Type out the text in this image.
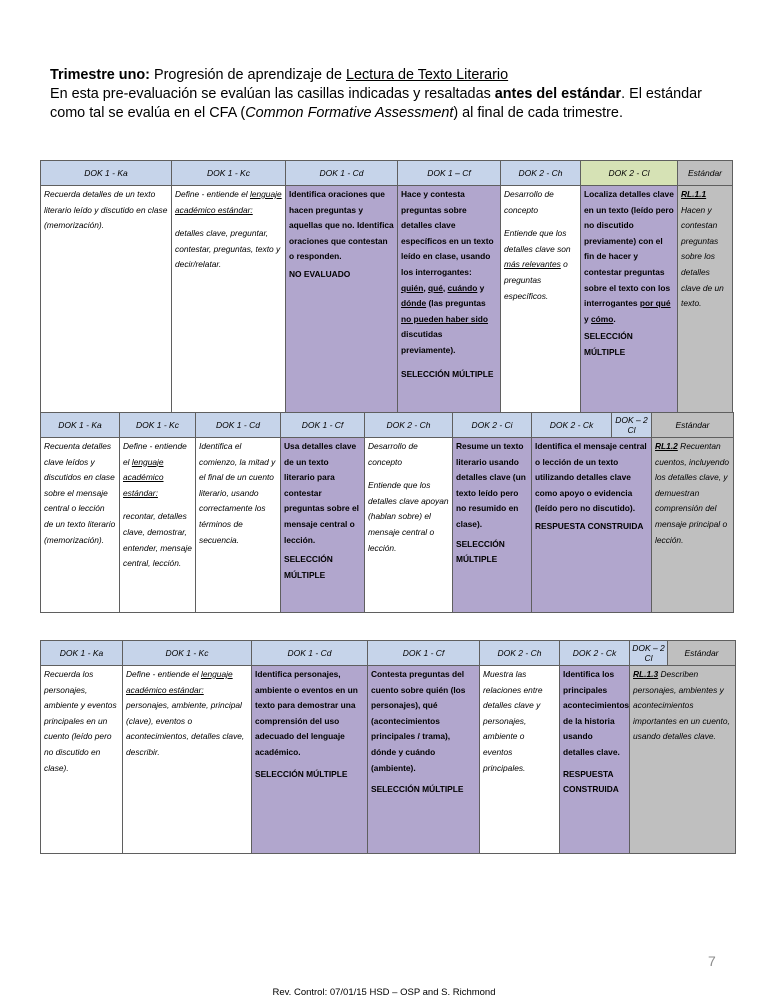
Trimestre uno: Progresión de aprendizaje de Lectura de Texto Literario

En esta pre-evaluación se evalúan las casillas indicadas y resaltadas antes del estándar. El estándar

como tal se evalúa en el CFA (Common Formative Assessment) al final de cada trimestre.

DOK 1 - Ka	DOK 1 - Kc	DOK 1 - Cd	DOK 1 – Cf	DOK 2 - Ch	DOK 2 - Cl	Estándar
Recuerda detalles de un texto literario leído y discutido en clase (memorización).	Define - entiende el lenguaje académico estándar:
detalles clave, preguntar, contestar, preguntas, texto y decir/relatar.	Identifica oraciones que hacen preguntas y aquellas que no. Identifica oraciones que contestan o responden.
NO EVALUADO	Hace y contesta preguntas sobre detalles clave específicos en un texto leído en clase, usando los interrogantes: quién, qué, cuándo y dónde (las preguntas no pueden haber sido discutidas previamente).
SELECCIÓN MÚLTIPLE	Desarrollo de concepto
Entiende que los detalles clave son más relevantes o preguntas específicos.	Localiza detalles clave en un texto (leído pero no discutido previamente) con el fin de hacer y contestar preguntas sobre el texto con los interrogantes por qué y cómo.
SELECCIÓN MÚLTIPLE	RL.1.1 Hacen y contestan preguntas sobre los detalles clave de un texto.
DOK 1 - Ka	DOK 1 - Kc	DOK 1 - Cd	DOK 1 - Cf	DOK 2 - Ch	DOK 2 - Ci	DOK 2 - Ck	DOK – 2 Cl	Estándar
Recuenta detalles clave leídos y discutidos en clase sobre el mensaje central o lección de un texto literario (memorización).	Define - entiende el lenguaje académico estándar:
recontar, detalles clave, demostrar, entender, mensaje central, lección.	Identifica el comienzo, la mitad y el final de un cuento literario, usando correctamente los términos de secuencia.	Usa detalles clave de un texto literario para contestar preguntas sobre el mensaje central o lección.
SELECCIÓN MÚLTIPLE	Desarrollo de concepto
Entiende que los detalles clave apoyan (hablan sobre) el mensaje central o lección.	Resume un texto literario usando detalles clave (un texto leído pero no resumido en clase).
SELECCIÓN MÚLTIPLE	Identifica el mensaje central o lección de un texto utilizando detalles clave como apoyo o evidencia (leído pero no discutido).
RESPUESTA CONSTRUIDA		RL1.2 Recuentan cuentos, incluyendo los detalles clave, y demuestran comprensión del mensaje principal o lección.
DOK 1 - Ka	DOK 1 - Kc	DOK 1 - Cd	DOK 1 - Cf	DOK 2 - Ch	DOK 2 - Ck	DOK – 2 Cl	Estándar
Recuerda los personajes, ambiente y eventos principales en un cuento (leído pero no discutido en clase).	Define - entiende el lenguaje académico estándar: personajes, ambiente, principal (clave), eventos o acontecimientos, detalles clave, describir.	Identifica personajes, ambiente o eventos en un texto para demostrar una comprensión del uso adecuado del lenguaje académico.
SELECCIÓN MÚLTIPLE	Contesta preguntas del cuento sobre quién (los personajes), qué (acontecimientos principales / trama), dónde y cuándo (ambiente).
SELECCIÓN MÚLTIPLE	Muestra las relaciones entre detalles clave y personajes, ambiente o eventos principales.	Identifica los principales acontecimientos de la historia usando detalles clave.
RESPUESTA CONSTRUIDA	RL.1.3 Describen personajes, ambientes y acontecimientos importantes en un cuento, usando detalles clave.	
7
Rev. Control: 07/01/15 HSD – OSP and S. Richmond
